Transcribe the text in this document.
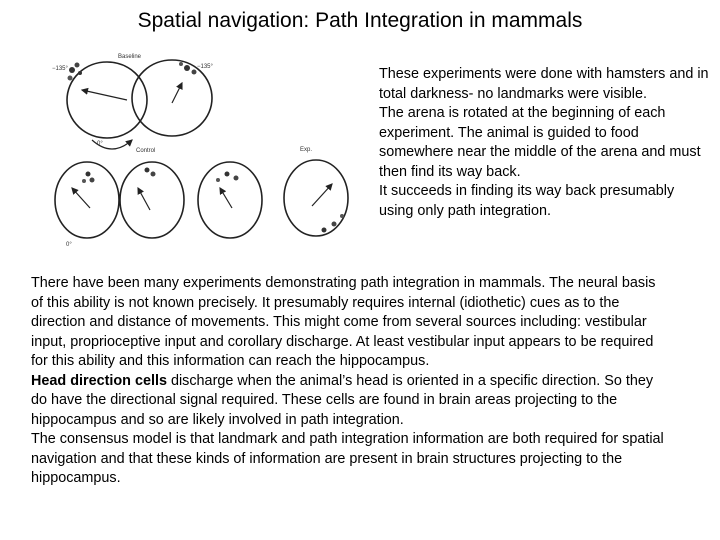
Spatial navigation: Path Integration in mammals
−135°	−135°
Baseline
0°
0°
Control	Exp.

These experiments were done with hamsters and in total darkness- no landmarks were visible.

The arena is rotated at the beginning of each experiment. The animal is guided to food somewhere near the middle of the arena and must then find its way back.

It succeeds in finding its way back presumably using only path integration.

There have been many experiments demonstrating path integration in mammals. The neural basis of this ability is not known precisely. It presumably requires internal (idiothetic) cues as to the direction and distance of movements. This might come from several sources including: vestibular input, proprioceptive input and corollary discharge. At least vestibular input appears to be required for this ability and this information can reach the hippocampus.

Head direction cells discharge when the animal’s head is oriented in a specific direction. So they do have the directional signal required. These cells are found in brain areas projecting to the hippocampus and so are likely involved in path integration.

The consensus model is that landmark and path integration information are both required for spatial navigation and that these kinds of information are present in brain structures projecting to the hippocampus.
